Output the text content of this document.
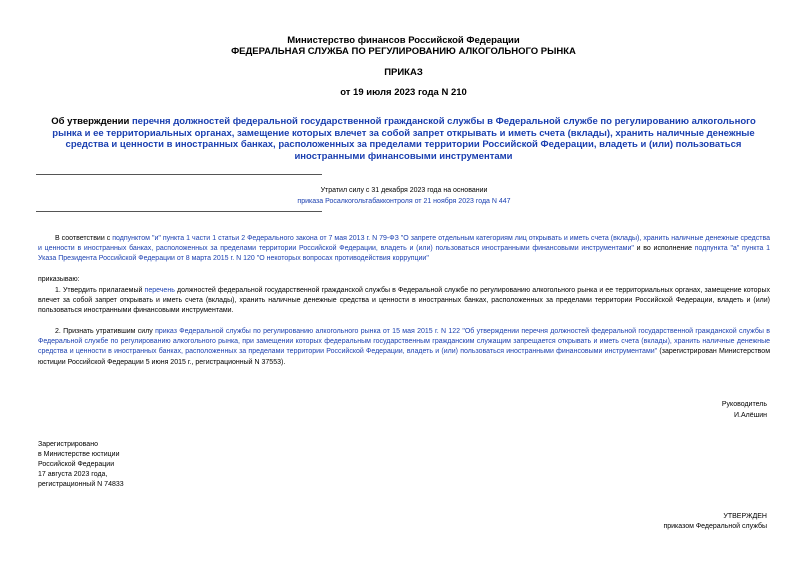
Министерство финансов Российской Федерации
ФЕДЕРАЛЬНАЯ СЛУЖБА ПО РЕГУЛИРОВАНИЮ АЛКОГОЛЬНОГО РЫНКА
ПРИКАЗ
от 19 июля 2023 года N 210
Об утверждении перечня должностей федеральной государственной гражданской службы в Федеральной службе по регулированию алкогольного рынка и ее территориальных органах, замещение которых влечет за собой запрет открывать и иметь счета (вклады), хранить наличные денежные средства и ценности в иностранных банках, расположенных за пределами территории Российской Федерации, владеть и (или) пользоваться иностранными финансовыми инструментами
Утратил силу с 31 декабря 2023 года на основании
приказа Росалкогольтабакконтроля от 21 ноября 2023 года N 447
В соответствии с подпунктом "и" пункта 1 части 1 статьи 2 Федерального закона от 7 мая 2013 г. N 79-ФЗ "О запрете отдельным категориям лиц открывать и иметь счета (вклады), хранить наличные денежные средства и ценности в иностранных банках, расположенных за пределами территории Российской Федерации, владеть и (или) пользоваться иностранными финансовыми инструментами" и во исполнение подпункта "а" пункта 1 Указа Президента Российской Федерации от 8 марта 2015 г. N 120 "О некоторых вопросах противодействия коррупции"
приказываю:
1. Утвердить прилагаемый перечень должностей федеральной государственной гражданской службы в Федеральной службе по регулированию алкогольного рынка и ее территориальных органах, замещение которых влечет за собой запрет открывать и иметь счета (вклады), хранить наличные денежные средства и ценности в иностранных банках, расположенных за пределами территории Российской Федерации, владеть и (или) пользоваться иностранными финансовыми инструментами.
2. Признать утратившим силу приказ Федеральной службы по регулированию алкогольного рынка от 15 мая 2015 г. N 122 "Об утверждении перечня должностей федеральной государственной гражданской службы в Федеральной службе по регулированию алкогольного рынка, при замещении которых федеральным государственным гражданским служащим запрещается открывать и иметь счета (вклады), хранить наличные денежные средства и ценности в иностранных банках, расположенных за пределами территории Российской Федерации, владеть и (или) пользоваться иностранными финансовыми инструментами" (зарегистрирован Министерством юстиции Российской Федерации 5 июня 2015 г., регистрационный N 37553).
Руководитель
И.Алёшин
Зарегистрировано
в Министерстве юстиции
Российской Федерации
17 августа 2023 года,
регистрационный N 74833
УТВЕРЖДЕН
приказом Федеральной службы
